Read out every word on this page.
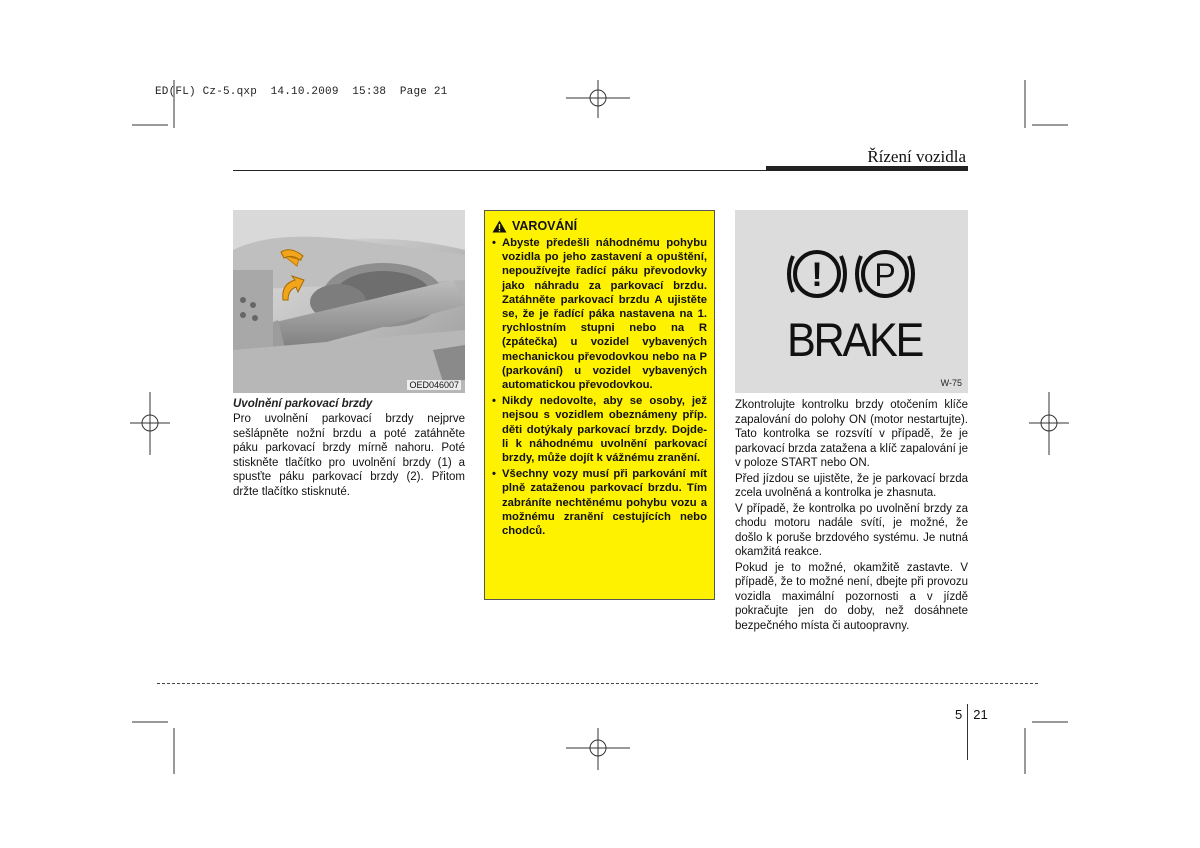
ED(FL) Cz-5.qxp  14.10.2009  15:38  Page 21
Řízení vozidla
OED046007
Uvolnění parkovací brzdy

Pro uvolnění parkovací brzdy nejprve sešlápněte nožní brzdu a poté zatáhněte páku parkovací brzdy mírně nahoru. Poté stiskněte tlačítko pro uvolnění brzdy (1) a spusťte páku parkovací brzdy (2). Přitom držte tlačítko stisknuté.

VAROVÁNÍ
• Abyste předešli náhodnému pohybu vozidla po jeho zastavení a opuštění, nepoužívejte řadící páku převodovky jako náhradu za parkovací brzdu. Zatáhněte parkovací brzdu A ujistěte se, že je řadící páka nastavena na 1. rychlostním stupni nebo na R (zpátečka) u vozidel vybavených mechanickou převodovkou nebo na P (parkování) u vozidel vybavených automatickou převodovkou.
• Nikdy nedovolte, aby se osoby, jež nejsou s vozidlem obeznámeny příp. děti dotýkaly parkovací brzdy. Dojde-li k náhodnému uvolnění parkovací brzdy, může dojít k vážnému zranění.
• Všechny vozy musí při parkování mít plně zataženou parkovací brzdu. Tím zabráníte nechtěnému pohybu vozu a možnému zranění cestujících nebo chodců.
! P
BRAKE
W-75

Zkontrolujte kontrolku brzdy otočením klíče zapalování do polohy ON (motor nestartujte). Tato kontrolka se rozsvítí v případě, že je parkovací brzda zatažena a klíč zapalování je v poloze START nebo ON.

Před jízdou se ujistěte, že je parkovací brzda zcela uvolněná a kontrolka je zhasnuta.

V případě, že kontrolka po uvolnění brzdy za chodu motoru nadále svítí, je možné, že došlo k poruše brzdového systému. Je nutná okamžitá reakce.

Pokud je to možné, okamžitě zastavte. V případě, že to možné není, dbejte při provozu vozidla maximální pozornosti a v jízdě pokračujte jen do doby, než dosáhnete bezpečného místa či autoopravny.

5 21
